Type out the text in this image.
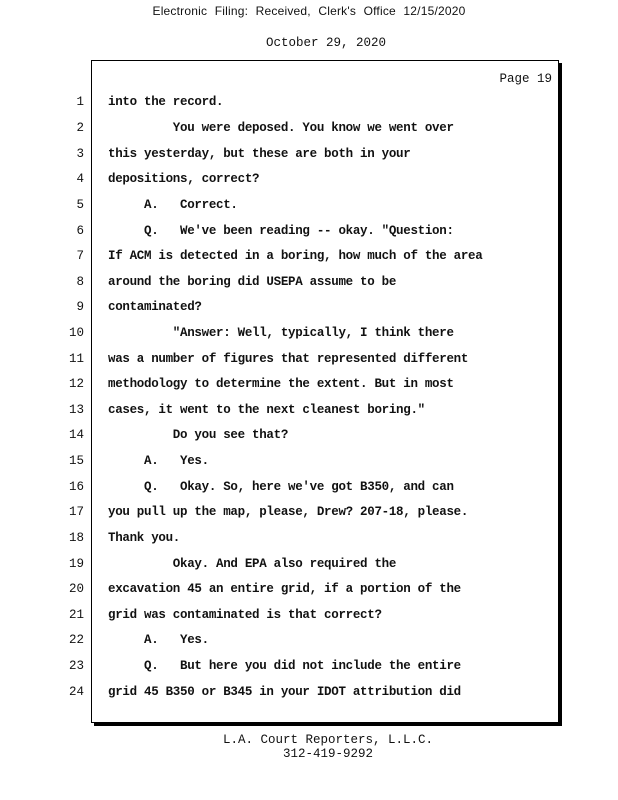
Electronic Filing: Received, Clerk's Office 12/15/2020
October 29, 2020
Page 19
1
2
3
4
5
6
7
8
9
10
11
12
13
14
15
16
17
18
19
20
21
22
23
24
into the record.
You were deposed. You know we went over
this yesterday, but these are both in your
depositions, correct?
A.   Correct.
Q.   We've been reading -- okay. "Question:
If ACM is detected in a boring, how much of the area
around the boring did USEPA assume to be
contaminated?
"Answer: Well, typically, I think there
was a number of figures that represented different
methodology to determine the extent. But in most
cases, it went to the next cleanest boring."
Do you see that?
A.   Yes.
Q.   Okay. So, here we've got B350, and can
you pull up the map, please, Drew? 207-18, please.
Thank you.
Okay. And EPA also required the
excavation 45 an entire grid, if a portion of the
grid was contaminated is that correct?
A.   Yes.
Q.   But here you did not include the entire
grid 45 B350 or B345 in your IDOT attribution did
L.A. Court Reporters, L.L.C.
312-419-9292
